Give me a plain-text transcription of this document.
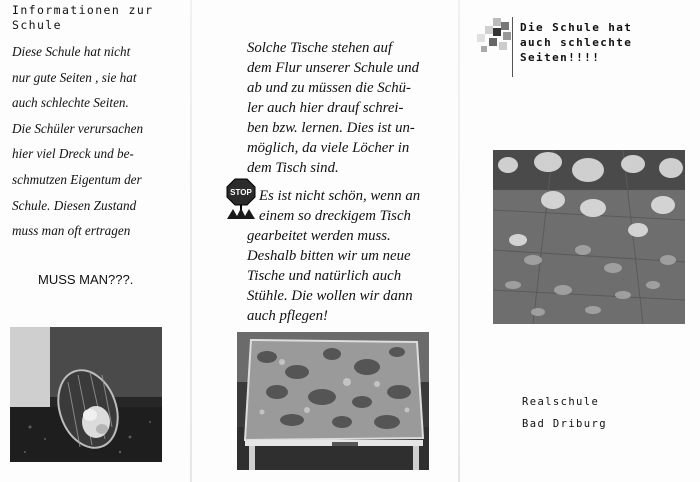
Informationen zur
Schule
Diese Schule hat nicht
nur gute Seiten , sie hat
auch schlechte Seiten.
Die Schüler verursachen
hier viel Dreck und be-
schmutzen Eigentum der
Schule. Diesen Zustand
muss man oft ertragen
MUSS MAN???.
Solche Tische stehen auf
dem Flur unserer Schule und
ab und zu müssen die Schü-
ler auch hier drauf schrei-
ben bzw. lernen. Dies ist un-
möglich, da viele Löcher in
dem Tisch sind.
STOP Es ist nicht schön, wenn an
einem so dreckigem Tisch
gearbeitet werden muss.
Deshalb bitten wir um neue
Tische und natürlich auch
Stühle. Die wollen wir dann
auch pflegen!
Die Schule hat
auch schlechte
Seiten!!!!
Realschule
Bad Driburg
